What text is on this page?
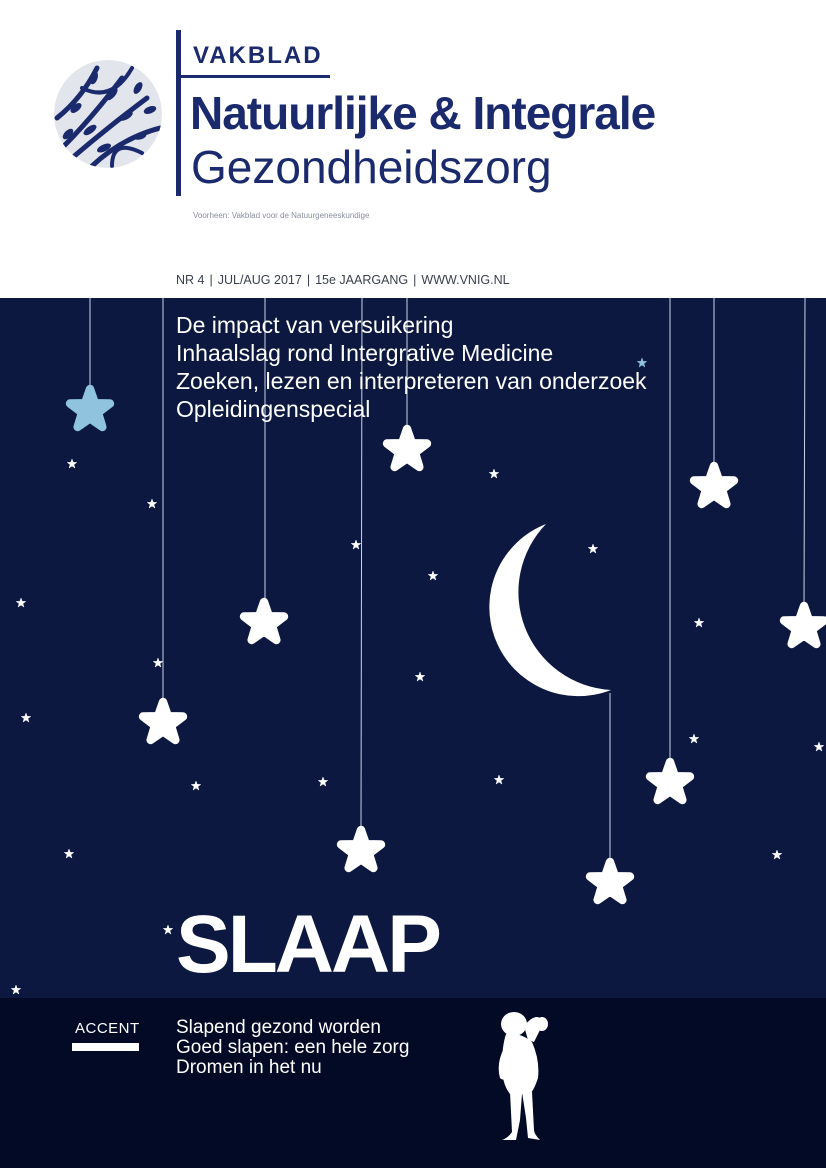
VAKBLAD
Natuurlijke & Integrale
Gezondheidszorg
Voorheen: Vakblad voor de Natuurgeneeskundige
NR 4 | JUL/AUG 2017 | 15e JAARGANG | WWW.VNIG.NL
De impact van versuikering
Inhaalslag rond Intergrative Medicine
Zoeken, lezen en interpreteren van onderzoek
Opleidingenspecial
SLAAP
ACCENT Slapend gezond worden
Goed slapen: een hele zorg
Dromen in het nu
